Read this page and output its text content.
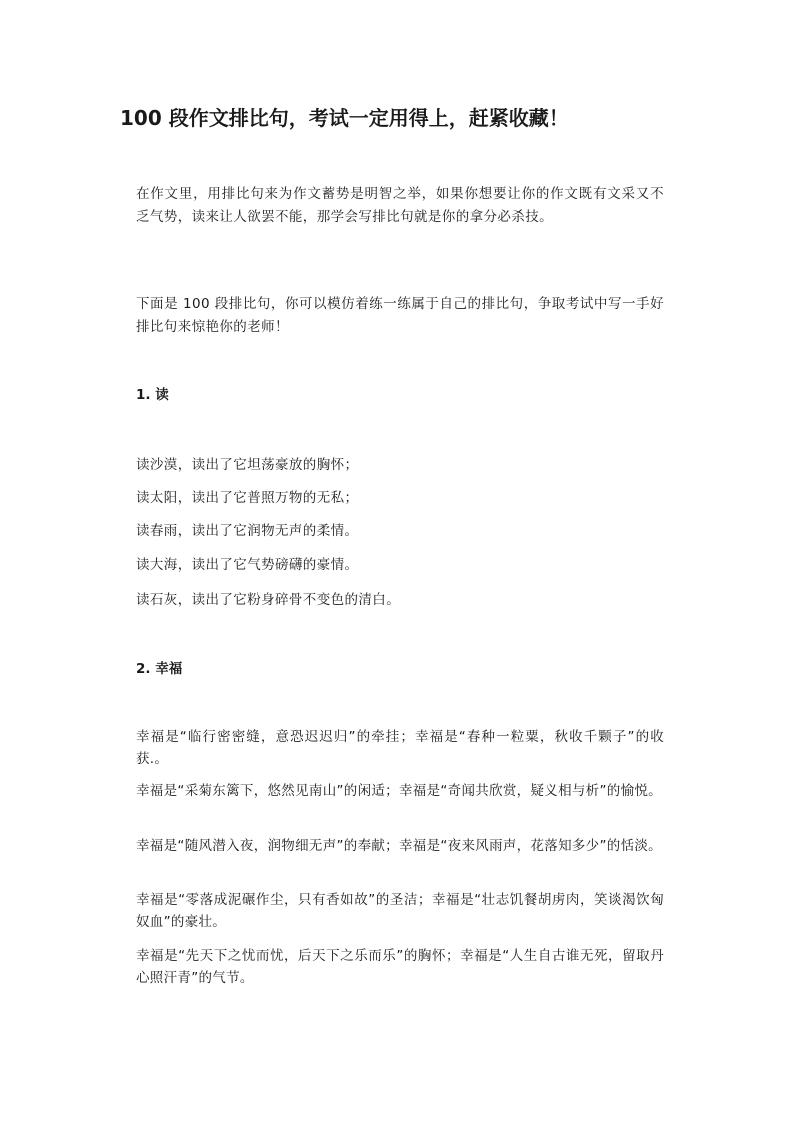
100 段作文排比句，考试一定用得上，赶紧收藏！

在作文里，用排比句来为作文蓄势是明智之举，如果你想要让你的作文既有文采又不乏气势，读来让人欲罢不能，那学会写排比句就是你的拿分必杀技。

下面是 100 段排比句，你可以模仿着练一练属于自己的排比句，争取考试中写一手好排比句来惊艳你的老师！

1. 读

读沙漠，读出了它坦荡豪放的胸怀；

读太阳，读出了它普照万物的无私；

读春雨，读出了它润物无声的柔情。

读大海，读出了它气势磅礴的豪情。

读石灰，读出了它粉身碎骨不变色的清白。

2. 幸福

幸福是“临行密密缝，意恐迟迟归”的牵挂；幸福是“春种一粒粟，秋收千颗子”的收获.。

幸福是“采菊东篱下，悠然见南山”的闲适；幸福是“奇闻共欣赏，疑义相与析”的愉悦。

幸福是“随风潜入夜，润物细无声”的奉献；幸福是“夜来风雨声，花落知多少”的恬淡。

幸福是“零落成泥碾作尘，只有香如故”的圣洁；幸福是“壮志饥餐胡虏肉，笑谈渴饮匈奴血”的豪壮。

幸福是“先天下之忧而忧，后天下之乐而乐”的胸怀；幸福是“人生自古谁无死，留取丹心照汗青”的气节。
